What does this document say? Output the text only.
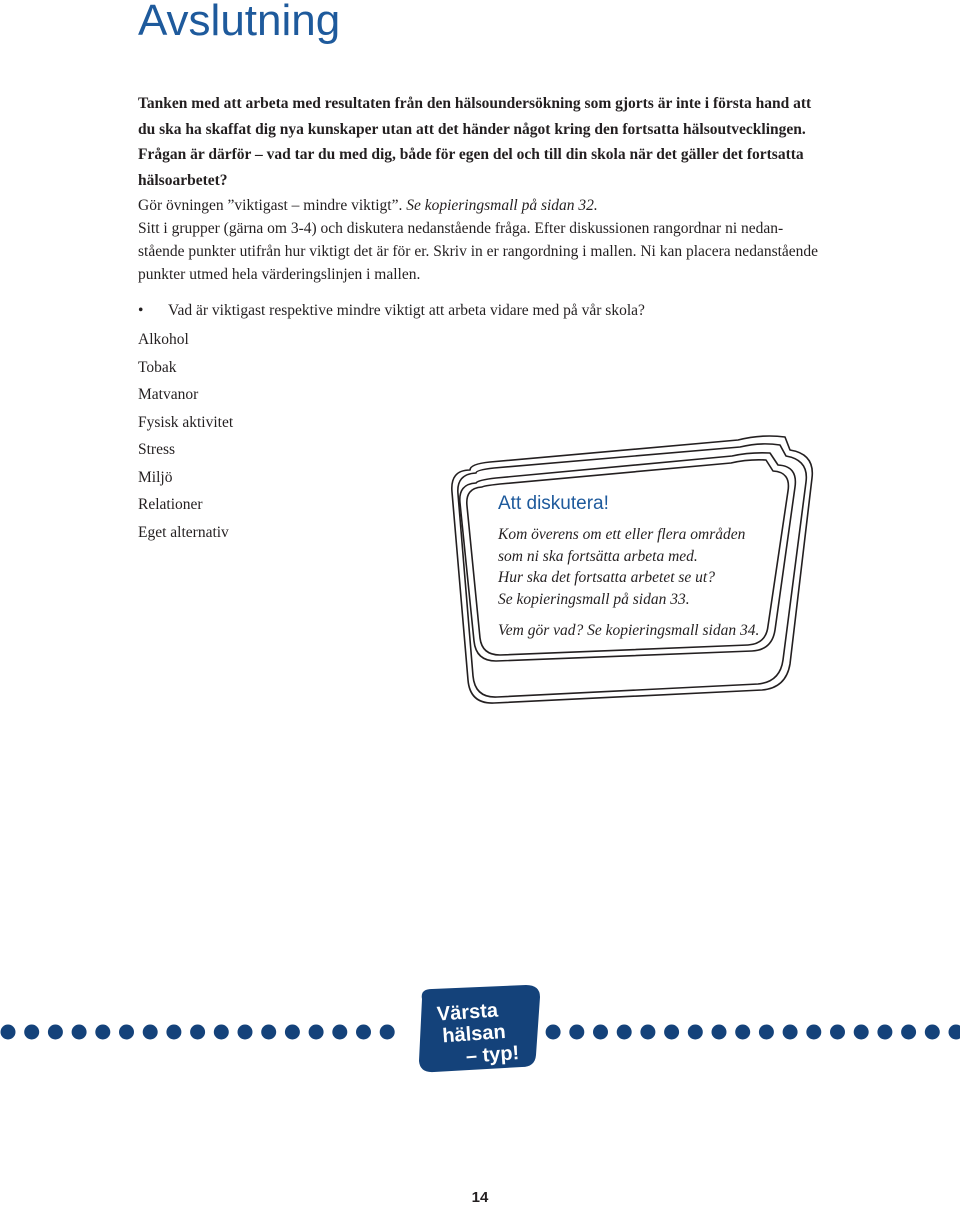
Avslutning
Tanken med att arbeta med resultaten från den hälsoundersökning som gjorts är inte i första hand att
du ska ha skaffat dig nya kunskaper utan att det händer något kring den fortsatta hälsoutvecklingen.
Frågan är därför – vad tar du med dig, både för egen del och till din skola när det gäller det fortsatta
hälsoarbetet?
Gör övningen ”viktigast – mindre viktigt”. Se kopieringsmall på sidan 32.
Sitt i grupper (gärna om 3-4) och diskutera nedanstående fråga. Efter diskussionen rangordnar ni nedan-
stående punkter utifrån hur viktigt det är för er. Skriv in er rangordning i mallen. Ni kan placera nedanstående
punkter utmed hela värderingslinjen i mallen.
• Vad är viktigast respektive mindre viktigt att arbeta vidare med på vår skola?
Alkohol
Tobak
Matvanor
Fysisk aktivitet
Stress
Miljö
Relationer
Eget alternativ
Att diskutera!
Kom överens om ett eller flera områden
som ni ska fortsätta arbeta med.
Hur ska det fortsatta arbetet se ut?
Se kopieringsmall på sidan 33.
Vem gör vad? Se kopieringsmall sidan 34.
Värsta
hälsan
– typ!
14
